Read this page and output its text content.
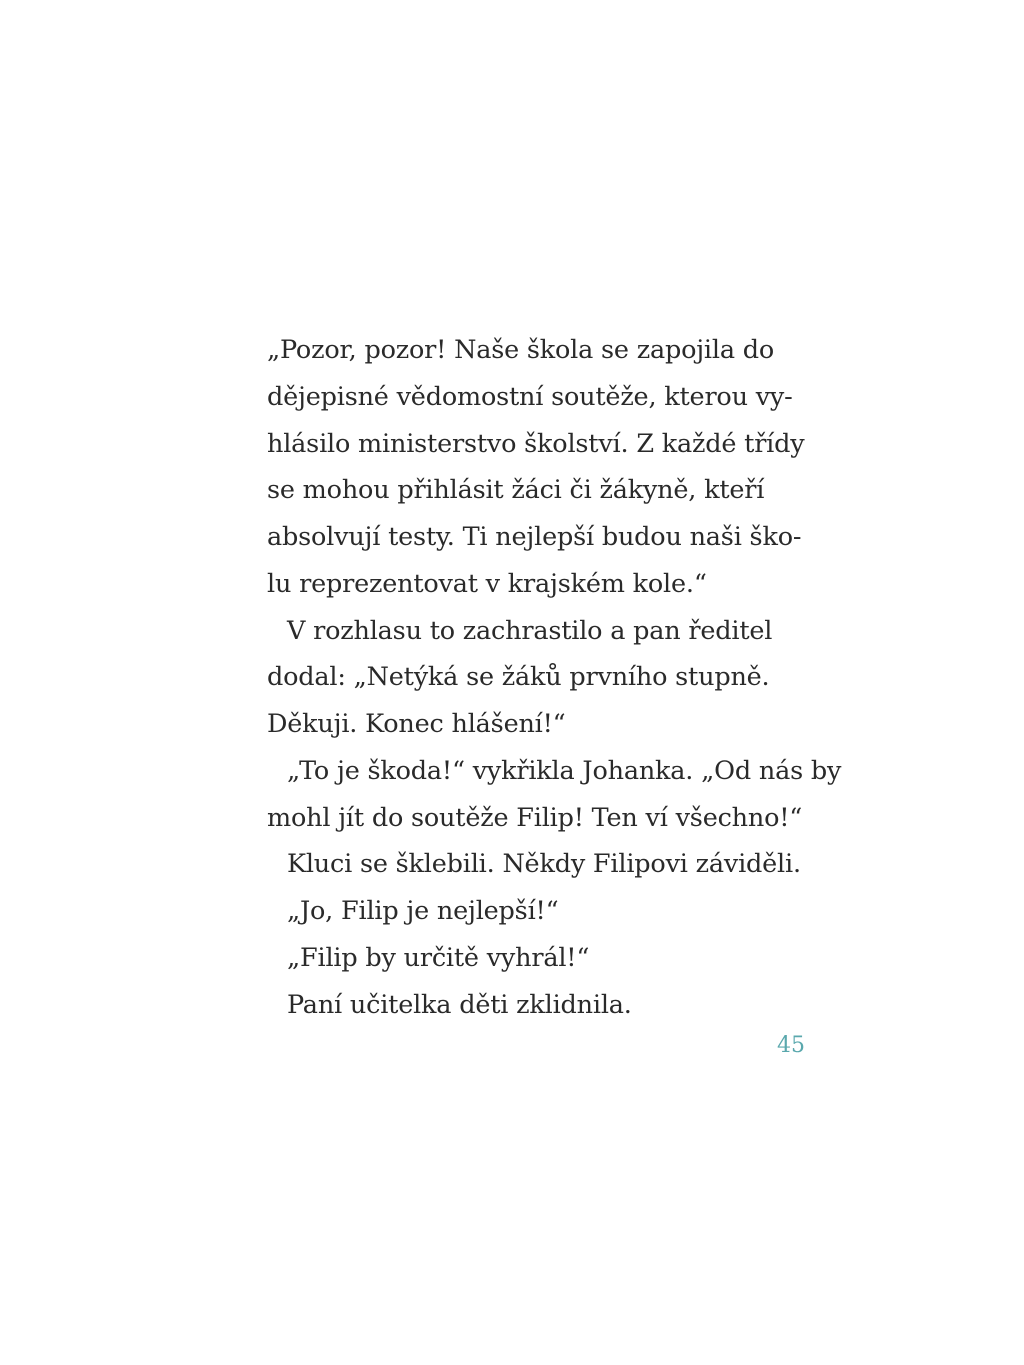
„Pozor, pozor! Naše škola se zapojila do
dějepisné vědomostní soutěže, kterou vy-
hlásilo ministerstvo školství. Z každé třídy
se mohou přihlásit žáci či žákyně, kteří
absolvují testy. Ti nejlepší budou naši ško-
lu reprezentovat v krajském kole.“
V rozhlasu to zachrastilo a pan ředitel
dodal: „Netýká se žáků prvního stupně.
Děkuji. Konec hlášení!“
„To je škoda!“ vykřikla Johanka. „Od nás by
mohl jít do soutěže Filip! Ten ví všechno!“
Kluci se šklebili. Někdy Filipovi záviděli.
„Jo, Filip je nejlepší!“
„Filip by určitě vyhrál!“
Paní učitelka děti zklidnila.
45
